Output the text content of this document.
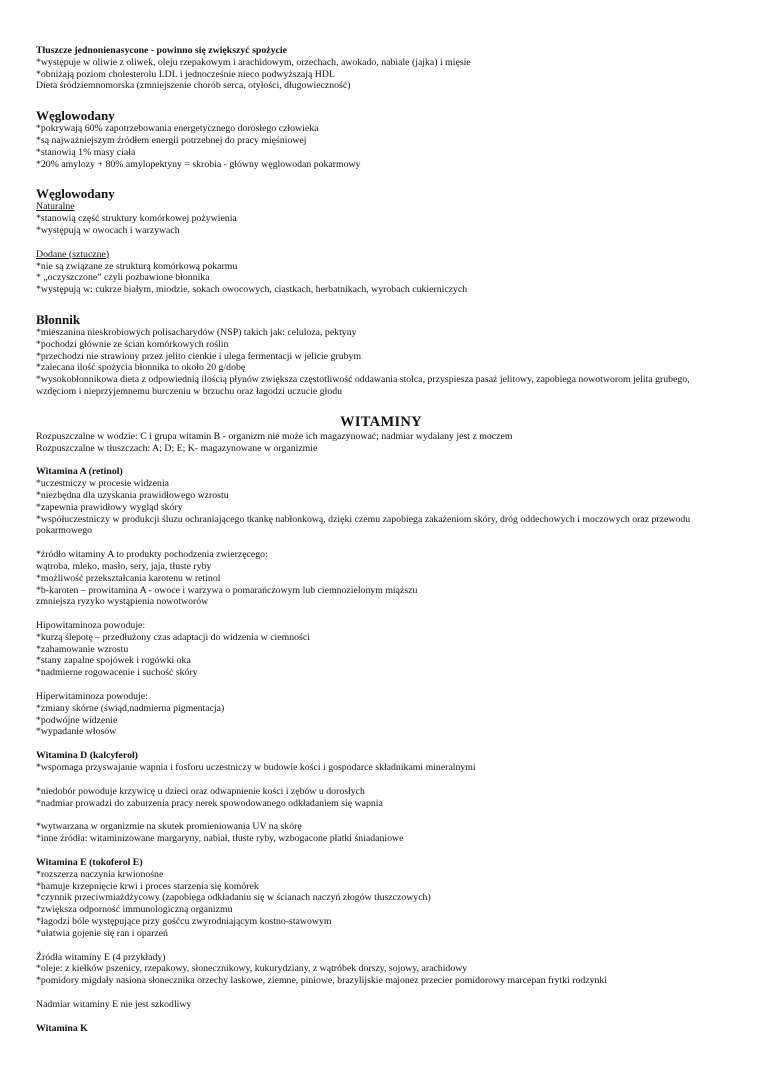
Tłuszcze jednonienasycone - powinno się zwiększyć spożycie
*występuje w oliwie z oliwek, oleju rzepakowym i arachidowym, orzechach, awokado, nabiale (jajka) i mięsie
*obniżają poziom cholesterolu LDL i jednocześnie nieco podwyższają HDL
Dieta śródziemnomorska (zmniejszenie chorób serca, otyłości, długowieczność)
Węglowodany
*pokrywają 60% zapotrzebowania energetycznego dorosłego człowieka
*są najważniejszym źródłem energii potrzebnej do pracy mięśniowej
*stanowią 1% masy ciała
*20% amylozy + 80% amylopektyny = skrobia - główny węglowodan pokarmowy
Węglowodany
Naturalne
*stanowią część struktury komórkowej pożywienia
*występują w owocach i warzywach
Dodane (sztuczne)
*nie są związane ze strukturą komórkową pokarmu
* „oczyszczone” czyli pozbawione błonnika
*występują w: cukrze białym, miodzie, sokach owocowych, ciastkach, herbatnikach, wyrobach cukierniczych
Błonnik
*mieszanina nieskrobiowych polisacharydów (NSP) takich jak: celuloza, pektyny
*pochodzi głównie ze ścian komórkowych roślin
*przechodzi nie strawiony przez jelito cienkie i ulega fermentacji w jelicie grubym
*zalecana ilość spożycia błonnika to około 20 g/dobę
*wysokobłonnikowa dieta z odpowiednią ilością płynów zwiększa częstotliwość oddawania stolca, przyspiesza pasaż jelitowy, zapobiega nowotworom jelita grubego, wzdęciom i nieprzyjemnemu burczeniu w brzuchu oraz łagodzi uczucie głodu
WITAMINY
Rozpuszczalne w wodzie: C i grupa witamin B - organizm nie może ich magazynować; nadmiar wydalany jest z moczem
Rozpuszczalne w tłuszczach: A; D; E; K- magazynowane w organizmie
Witamina A (retinol)
*uczestniczy w procesie widzenia
*niezbędna dla uzyskania prawidłowego wzrostu
*zapewnia prawidłowy wygląd skóry
*współuczestniczy w produkcji śluzu ochraniającego tkankę nabłonkową, dzięki czemu zapobiega zakażeniom skóry, dróg oddechowych i moczowych oraz przewodu pokarmowego
*źródło witaminy A to produkty pochodzenia zwierzęcego:
wątroba, mleko, masło, sery, jaja, tłuste ryby
*możliwość przekształcania karotenu w retinol
*b-karoten – prowitamina A - owoce i warzywa o pomarańczowym lub ciemnozielonym miąższu
zmniejsza ryzyko wystąpienia nowotworów
Hipowitaminoza powoduje:
*kurzą ślepotę – przedłużony czas adaptacji do widzenia w ciemności
*zahamowanie wzrostu
*stany zapalne spojówek i rogówki oka
*nadmierne rogowacenie i suchość skóry
Hiperwitaminoza powoduje:
*zmiany skórne (świąd,nadmierna pigmentacja)
*podwójne widzenie
*wypadanie włosów
Witamina D (kalcyferol)
*wspomaga przyswajanie wapnia i fosforu uczestniczy w budowie kości i gospodarce składnikami mineralnymi
*niedobór powoduje krzywicę u dzieci oraz odwapnienie kości i zębów u dorosłych
*nadmiar prowadzi do zaburzenia pracy nerek spowodowanego odkładaniem się wapnia
*wytwarzana w organizmie na skutek promieniowania UV na skórę
*inne źródła: witaminizowane margaryny, nabiał, tłuste ryby, wzbogacone płatki śniadaniowe
Witamina E (tokoferol E)
*rozszerza naczynia krwionośne
*hamuje krzepnięcie krwi i proces starzenia się komórek
*czynnik przeciwmiażdżycowy (zapobiega odkładaniu się w ścianach naczyń złogów tłuszczowych)
*zwiększa odporność immunologiczną organizmu
*łagodzi bóle występujące przy gośćcu zwyrodniającym kostno-stawowym
*ułatwia gojenie się ran i oparzeń
Źródła witaminy E (4 przykłady)
*oleje: z kiełków pszenicy, rzepakowy, słonecznikowy, kukurydziany, z wątróbek dorszy, sojowy, arachidowy
*pomidory migdały nasiona słonecznika orzechy laskowe, ziemne, piniowe, brazylijskie majonez przecier pomidorowy marcepan frytki rodzynki
Nadmiar witaminy E nie jest szkodliwy
Witamina K
